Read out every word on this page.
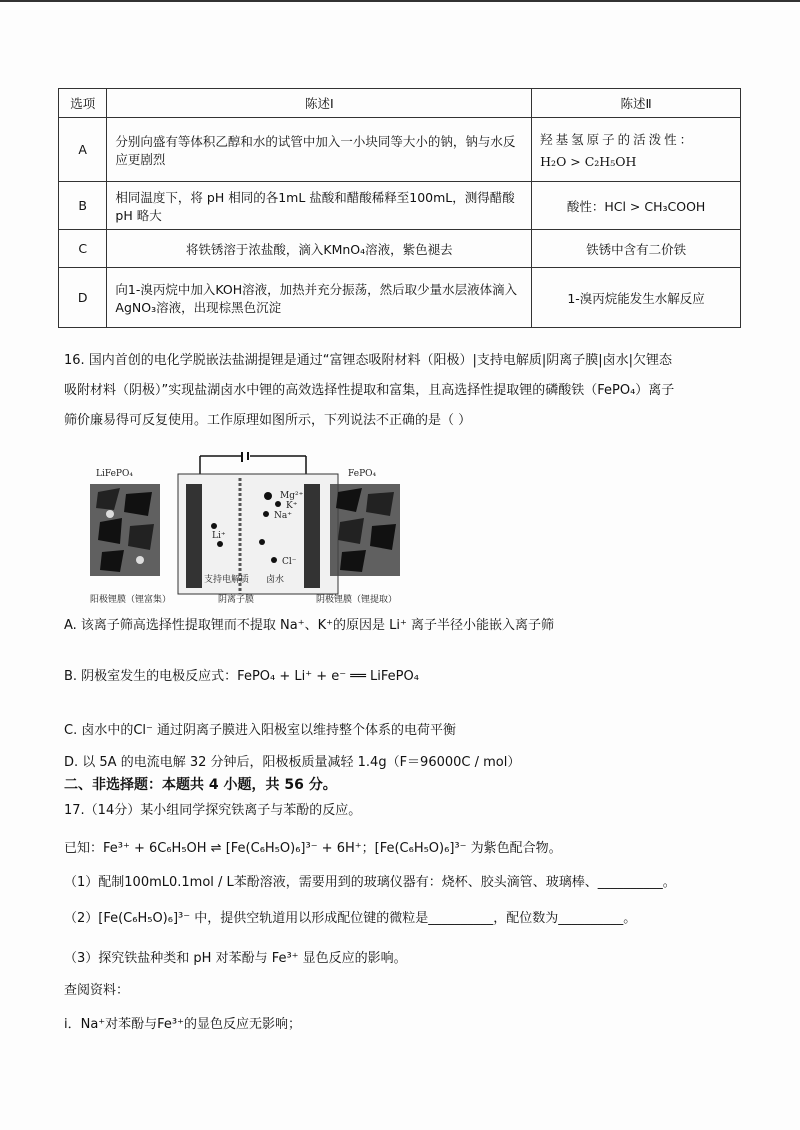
选项	陈述Ⅰ	陈述Ⅱ
A	分别向盛有等体积乙醇和水的试管中加入一小块同等大小的钠，钠与水反应更剧烈	羟基氢原子的活泼性：
H₂O > C₂H₅OH

B	相同温度下，将 pH 相同的各1mL 盐酸和醋酸稀释至100mL，测得醋酸 pH 略大	酸性：HCl > CH₃COOH
C	将铁锈溶于浓盐酸，滴入KMnO₄溶液，紫色褪去	铁锈中含有二价铁
D	向1-溴丙烷中加入KOH溶液，加热并充分振荡，然后取少量水层液体滴入AgNO₃溶液，出现棕黑色沉淀	1-溴丙烷能发生水解反应
16. 国内首创的电化学脱嵌法盐湖提锂是通过“富锂态吸附材料（阳极）|支持电解质|阴离子膜|卤水|欠锂态
吸附材料（阴极）”实现盐湖卤水中锂的高效选择性提取和富集，且高选择性提取锂的磷酸铁（FePO₄）离子
筛价廉易得可反复使用。工作原理如图所示，下列说法不正确的是（ ）
LiFePO₄
Mg²⁺
K⁺
Na⁺
Li⁺
Cl⁻
支持电解质 卤水
FePO₄
阳极锂膜（锂富集）	阴离子膜	阴极锂膜（锂提取）
A. 该离子筛高选择性提取锂而不提取 Na⁺、K⁺的原因是 Li⁺ 离子半径小能嵌入离子筛
B. 阴极室发生的电极反应式：FePO₄ + Li⁺ + e⁻ ══ LiFePO₄
C. 卤水中的Cl⁻ 通过阴离子膜进入阳极室以维持整个体系的电荷平衡
D. 以 5A 的电流电解 32 分钟后，阳极板质量减轻 1.4g（F＝96000C / mol）
二、非选择题：本题共 4 小题，共 56 分。
17.（14分）某小组同学探究铁离子与苯酚的反应。
已知：Fe³⁺ + 6C₆H₅OH ⇌ [Fe(C₆H₅O)₆]³⁻ + 6H⁺；[Fe(C₆H₅O)₆]³⁻ 为紫色配合物。
（1）配制100mL0.1mol / L苯酚溶液，需要用到的玻璃仪器有：烧杯、胶头滴管、玻璃棒、__________。
（2）[Fe(C₆H₅O)₆]³⁻ 中，提供空轨道用以形成配位键的微粒是__________，配位数为__________。
（3）探究铁盐种类和 pH 对苯酚与 Fe³⁺ 显色反应的影响。
查阅资料：
ⅰ．Na⁺对苯酚与Fe³⁺的显色反应无影响；
